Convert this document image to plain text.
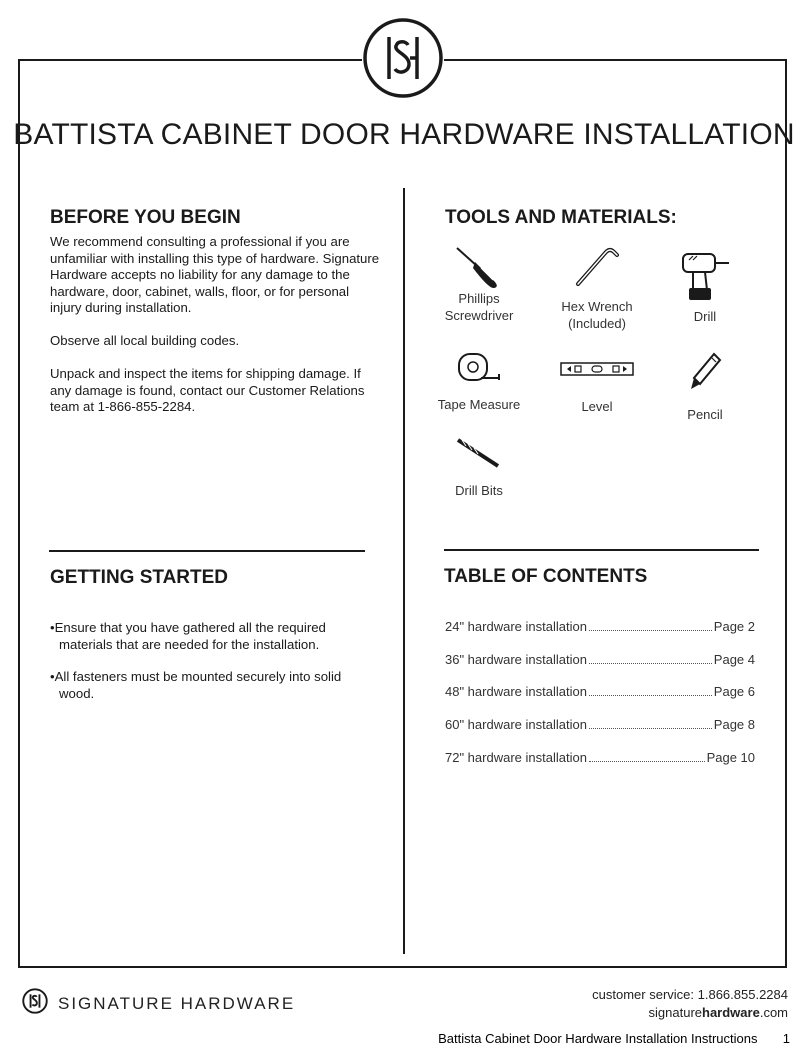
BATTISTA CABINET DOOR HARDWARE INSTALLATION
BEFORE YOU BEGIN

We recommend consulting a professional if you are unfamiliar with installing this type of hardware. Signature Hardware accepts no liability for any damage to the hardware, door, cabinet, walls, floor, or for personal injury during installation.

Observe all local building codes.

Unpack and inspect the items for shipping damage. If any damage is found, contact our Customer Relations team at 1-866-855-2284.

TOOLS AND MATERIALS:
Phillips Screwdriver
Hex Wrench (Included)	Drill
Tape Measure	Level
Pencil
Drill Bits
GETTING STARTED
•Ensure that you have gathered all the required materials that are needed for the installation.
•All fasteners must be mounted securely into solid wood.
TABLE OF CONTENTS
24" hardware installation	Page 2
36" hardware installation	Page 4
48" hardware installation	Page 6
60" hardware installation	Page 8
72" hardware installation	Page 10
SIGNATURE HARDWARE	customer service: 1.866.855.2284
signaturehardware.com
Battista Cabinet Door Hardware Installation Instructions 1
